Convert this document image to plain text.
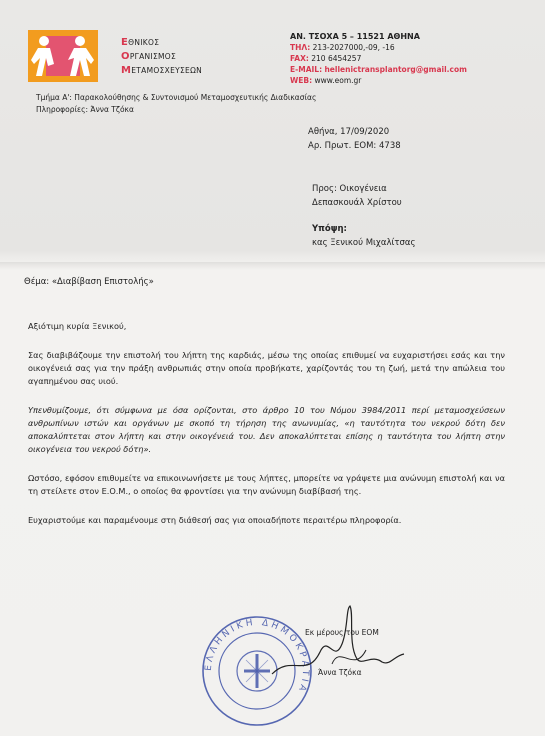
ΕΘΝΙΚΟΣ
ΟΡΓΑΝΙΣΜΟΣ
ΜΕΤΑΜΟΣΧΕΥΣΕΩΝ
ΑΝ. ΤΣΟΧΑ 5 – 11521 ΑΘΗΝΑ
ΤΗΛ: 213-2027000,-09, -16
FAX: 210 6454257
E-MAIL: hellenictransplantorg@gmail.com
WEB: www.eom.gr
Τμήμα Α': Παρακολούθησης & Συντονισμού Μεταμοσχευτικής Διαδικασίας
Πληροφορίες: Άννα Τζόκα
Αθήνα, 17/09/2020
Αρ. Πρωτ. ΕΟΜ: 4738
Προς: Οικογένεια
Δεπασκουάλ Χρίστου
Υπόψη:
κας Ξενικού Μιχαλίτσας
Θέμα: «Διαβίβαση Επιστολής»

Αξιότιμη κυρία Ξενικού,

Σας διαβιβάζουμε την επιστολή του λήπτη της καρδιάς, μέσω της οποίας επιθυμεί να ευχαριστήσει εσάς και την οικογένειά σας για την πράξη ανθρωπιάς στην οποία προβήκατε, χαρίζοντάς του τη ζωή, μετά την απώλεια του αγαπημένου σας υιού.

Υπενθυμίζουμε, ότι σύμφωνα με όσα ορίζονται, στο άρθρο 10 του Νόμου 3984/2011 περί μεταμοσχεύσεων ανθρωπίνων ιστών και οργάνων με σκοπό τη τήρηση της ανωνυμίας, «η ταυτότητα του νεκρού δότη δεν αποκαλύπτεται στον λήπτη και στην οικογένειά του. Δεν αποκαλύπτεται επίσης η ταυτότητα του λήπτη στην οικογένεια του νεκρού δότη».

Ωστόσο, εφόσον επιθυμείτε να επικοινωνήσετε με τους λήπτες, μπορείτε να γράψετε μια ανώνυμη επιστολή και να τη στείλετε στον Ε.Ο.Μ., ο οποίος θα φροντίσει για την ανώνυμη διαβίβασή της.

Ευχαριστούμε και παραμένουμε στη διάθεσή σας για οποιαδήποτε περαιτέρω πληροφορία.

ΕΛΛΗΝΙΚΗ ΔΗΜΟΚΡΑΤΙΑ
Εκ μέρους του ΕΟΜ
Άννα Τζόκα
